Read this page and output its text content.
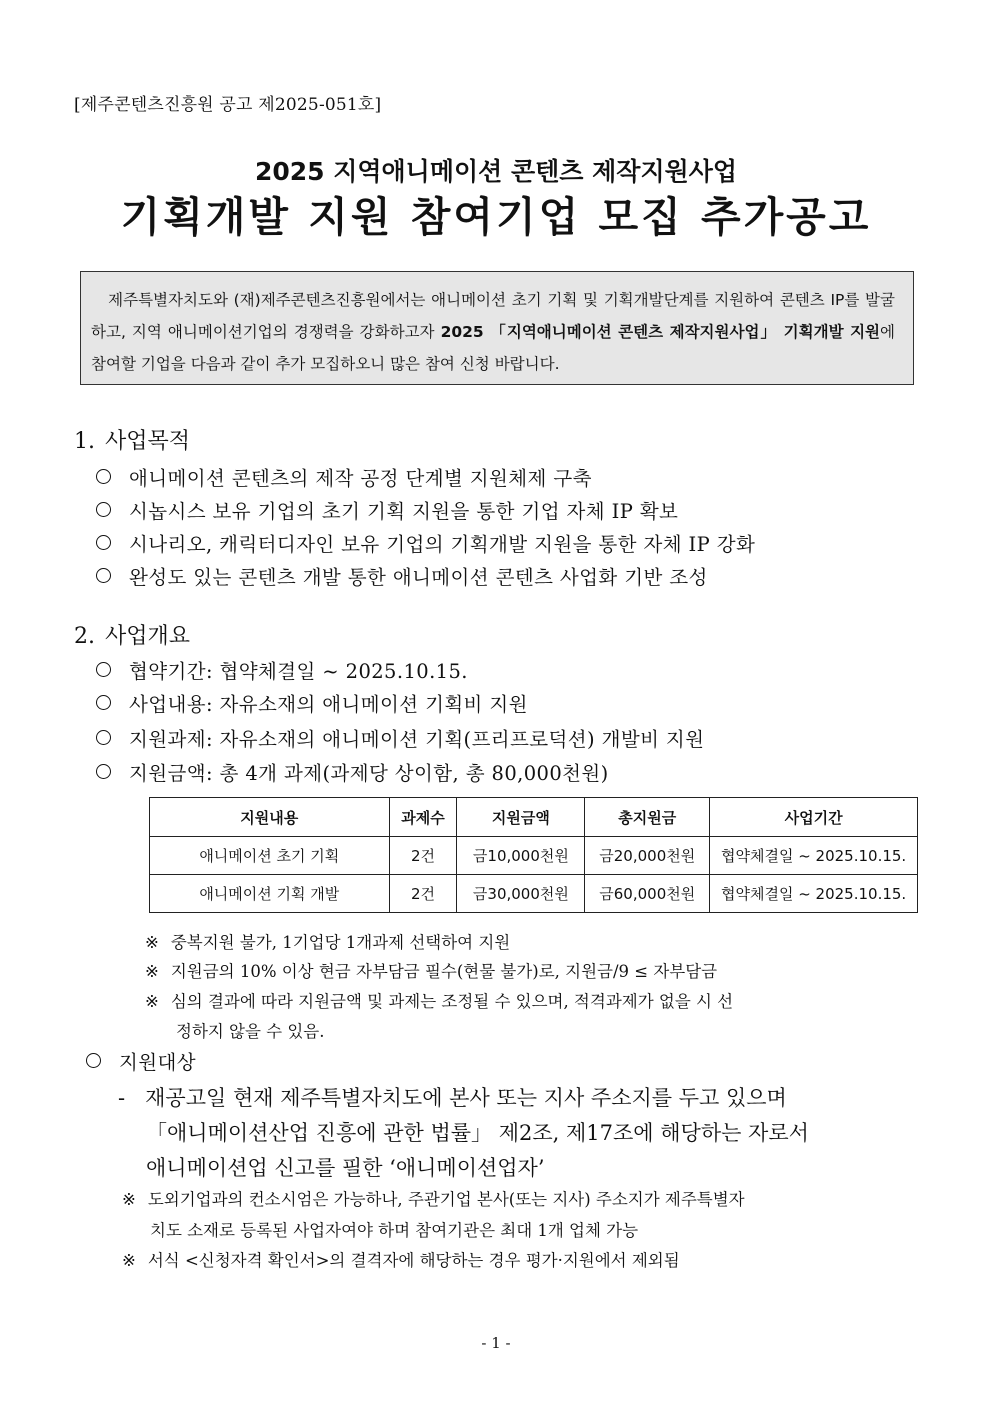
[제주콘텐츠진흥원 공고 제2025-051호]
2025 지역애니메이션 콘텐츠 제작지원사업
기획개발 지원 참여기업 모집 추가공고
제주특별자치도와 (재)제주콘텐츠진흥원에서는 애니메이션 초기 기획 및 기획개발단계를 지원하여 콘텐츠 IP를 발굴하고, 지역 애니메이션기업의 경쟁력을 강화하고자 2025 「지역애니메이션 콘텐츠 제작지원사업」 기획개발 지원에 참여할 기업을 다음과 같이 추가 모집하오니 많은 참여 신청 바랍니다.
1. 사업목적
애니메이션 콘텐츠의 제작 공정 단계별 지원체제 구축
시놉시스 보유 기업의 초기 기획 지원을 통한 기업 자체 IP 확보
시나리오, 캐릭터디자인 보유 기업의 기획개발 지원을 통한 자체 IP 강화
완성도 있는 콘텐츠 개발 통한 애니메이션 콘텐츠 사업화 기반 조성
2. 사업개요
협약기간: 협약체결일 ~ 2025.10.15.
사업내용: 자유소재의 애니메이션 기획비 지원
지원과제: 자유소재의 애니메이션 기획(프리프로덕션) 개발비 지원
지원금액: 총 4개 과제(과제당 상이함, 총 80,000천원)
지원내용	과제수	지원금액	총지원금	사업기간
애니메이션 초기 기획	2건	금10,000천원	금20,000천원	협약체결일 ~ 2025.10.15.
애니메이션 기획 개발	2건	금30,000천원	금60,000천원	협약체결일 ~ 2025.10.15.
※ 중복지원 불가, 1기업당 1개과제 선택하여 지원
※ 지원금의 10% 이상 현금 자부담금 필수(현물 불가)로, 지원금/9 ≤ 자부담금
※ 심의 결과에 따라 지원금액 및 과제는 조정될 수 있으며, 적격과제가 없을 시 선
정하지 않을 수 있음.
지원대상
- 재공고일 현재 제주특별자치도에 본사 또는 지사 주소지를 두고 있으며
「애니메이션산업 진흥에 관한 법률」 제2조, 제17조에 해당하는 자로서
애니메이션업 신고를 필한 ‘애니메이션업자’
※ 도외기업과의 컨소시엄은 가능하나, 주관기업 본사(또는 지사) 주소지가 제주특별자
치도 소재로 등록된 사업자여야 하며 참여기관은 최대 1개 업체 가능
※ 서식 <신청자격 확인서>의 결격자에 해당하는 경우 평가·지원에서 제외됨
- 1 -
